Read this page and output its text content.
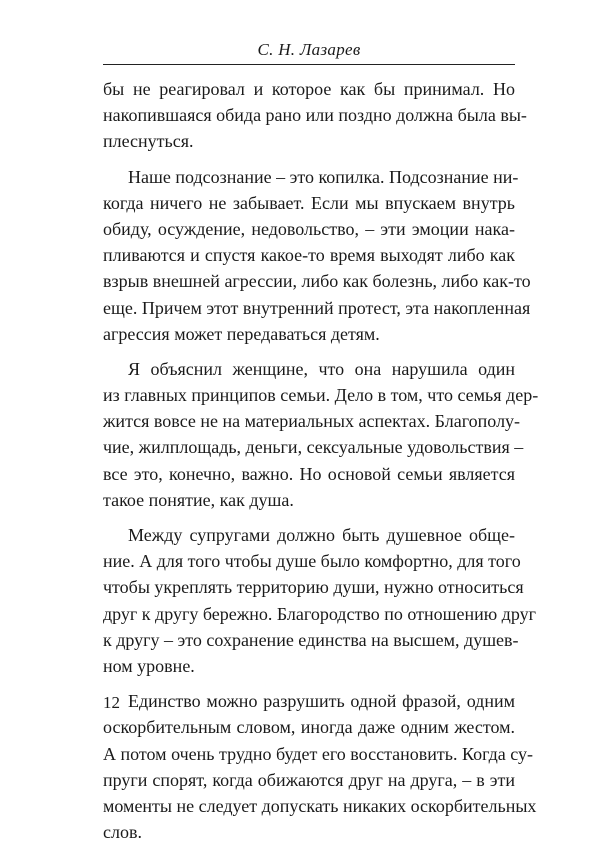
С. Н. Лазарев
бы не реагировал и которое как бы принимал. Но
накопившаяся обида рано или поздно должна была вы-
плеснуться.
Наше подсознание – это копилка. Подсознание ни-
когда ничего не забывает. Если мы впускаем внутрь
обиду, осуждение, недовольство, – эти эмоции нака-
пливаются и спустя какое-то время выходят либо как
взрыв внешней агрессии, либо как болезнь, либо как-то
еще. Причем этот внутренний протест, эта накопленная
агрессия может передаваться детям.
Я объяснил женщине, что она нарушила один
из главных принципов семьи. Дело в том, что семья дер-
жится вовсе не на материальных аспектах. Благополу-
чие, жилплощадь, деньги, сексуальные удовольствия –
все это, конечно, важно. Но основой семьи является
такое понятие, как душа.
Между супругами должно быть душевное обще-
ние. А для того чтобы душе было комфортно, для того
чтобы укреплять территорию души, нужно относиться
друг к другу бережно. Благородство по отношению друг
к другу – это сохранение единства на высшем, душев-
ном уровне.
Единство можно разрушить одной фразой, одним
оскорбительным словом, иногда даже одним жестом.
А потом очень трудно будет его восстановить. Когда су-
пруги спорят, когда обижаются друг на друга, – в эти
моменты не следует допускать никаких оскорбительных
слов.
12
